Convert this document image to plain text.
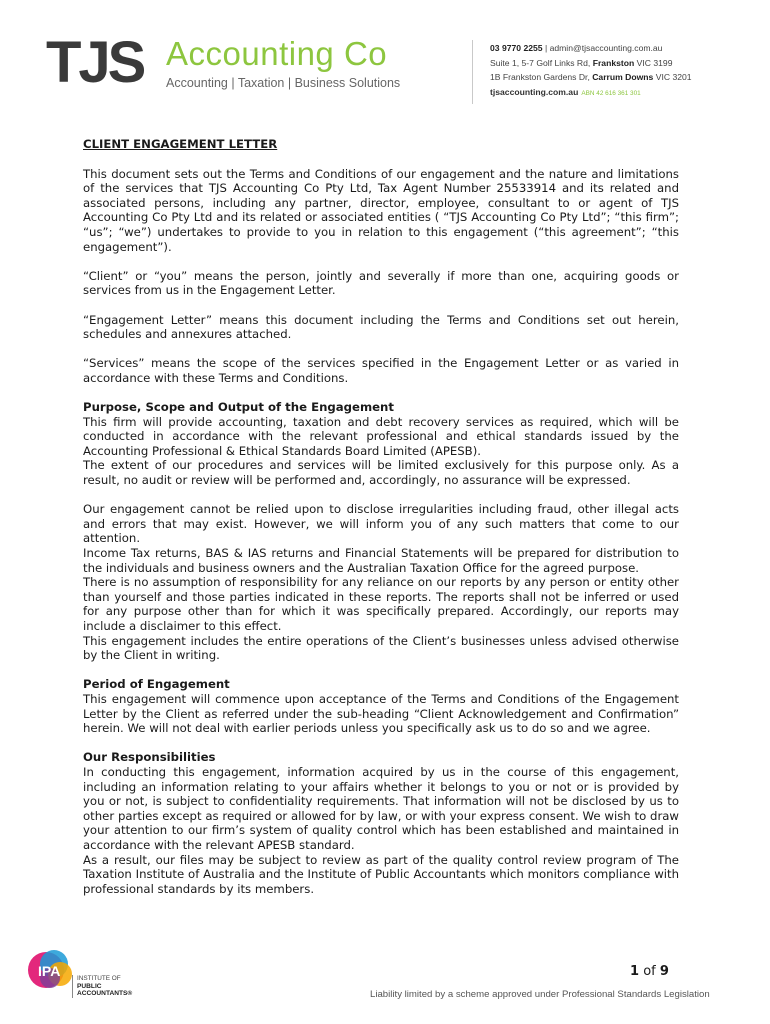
TJS Accounting Co
Accounting | Taxation | Business Solutions
03 9770 2255 | admin@tjsaccounting.com.au
Suite 1, 5-7 Golf Links Rd, Frankston VIC 3199
1B Frankston Gardens Dr, Carrum Downs VIC 3201
tjsaccounting.com.au ABN 42 616 361 301

CLIENT ENGAGEMENT LETTER

This document sets out the Terms and Conditions of our engagement and the nature and limitations of the services that TJS Accounting Co Pty Ltd, Tax Agent Number 25533914 and its related and associated persons, including any partner, director, employee, consultant to or agent of TJS Accounting Co Pty Ltd and its related or associated entities ( “TJS Accounting Co Pty Ltd”; “this firm”; “us”; “we”) undertakes to provide to you in relation to this engagement (“this agreement”; “this engagement”).

“Client” or “you” means the person, jointly and severally if more than one, acquiring goods or services from us in the Engagement Letter.

“Engagement Letter” means this document including the Terms and Conditions set out herein, schedules and annexures attached.

“Services” means the scope of the services specified in the Engagement Letter or as varied in accordance with these Terms and Conditions.

Purpose, Scope and Output of the Engagement

This firm will provide accounting, taxation and debt recovery services as required, which will be conducted in accordance with the relevant professional and ethical standards issued by the Accounting Professional & Ethical Standards Board Limited (APESB).

The extent of our procedures and services will be limited exclusively for this purpose only. As a result, no audit or review will be performed and, accordingly, no assurance will be expressed.

Our engagement cannot be relied upon to disclose irregularities including fraud, other illegal acts and errors that may exist. However, we will inform you of any such matters that come to our attention.

Income Tax returns, BAS & IAS returns and Financial Statements will be prepared for distribution to the individuals and business owners and the Australian Taxation Office for the agreed purpose.

There is no assumption of responsibility for any reliance on our reports by any person or entity other than yourself and those parties indicated in these reports. The reports shall not be inferred or used for any purpose other than for which it was specifically prepared. Accordingly, our reports may include a disclaimer to this effect.

This engagement includes the entire operations of the Client’s businesses unless advised otherwise by the Client in writing.

Period of Engagement

This engagement will commence upon acceptance of the Terms and Conditions of the Engagement Letter by the Client as referred under the sub-heading “Client Acknowledgement and Confirmation” herein. We will not deal with earlier periods unless you specifically ask us to do so and we agree.

Our Responsibilities

In conducting this engagement, information acquired by us in the course of this engagement, including an information relating to your affairs whether it belongs to you or not or is provided by you or not, is subject to confidentiality requirements. That information will not be disclosed by us to other parties except as required or allowed for by law, or with your express consent. We wish to draw your attention to our firm’s system of quality control which has been established and maintained in accordance with the relevant APESB standard.

As a result, our files may be subject to review as part of the quality control review program of The Taxation Institute of Australia and the Institute of Public Accountants which monitors compliance with professional standards by its members.

IPA	INSTITUTE OF
PUBLIC
ACCOUNTANTS®
1 of 9
Liability limited by a scheme approved under Professional Standards Legislation
